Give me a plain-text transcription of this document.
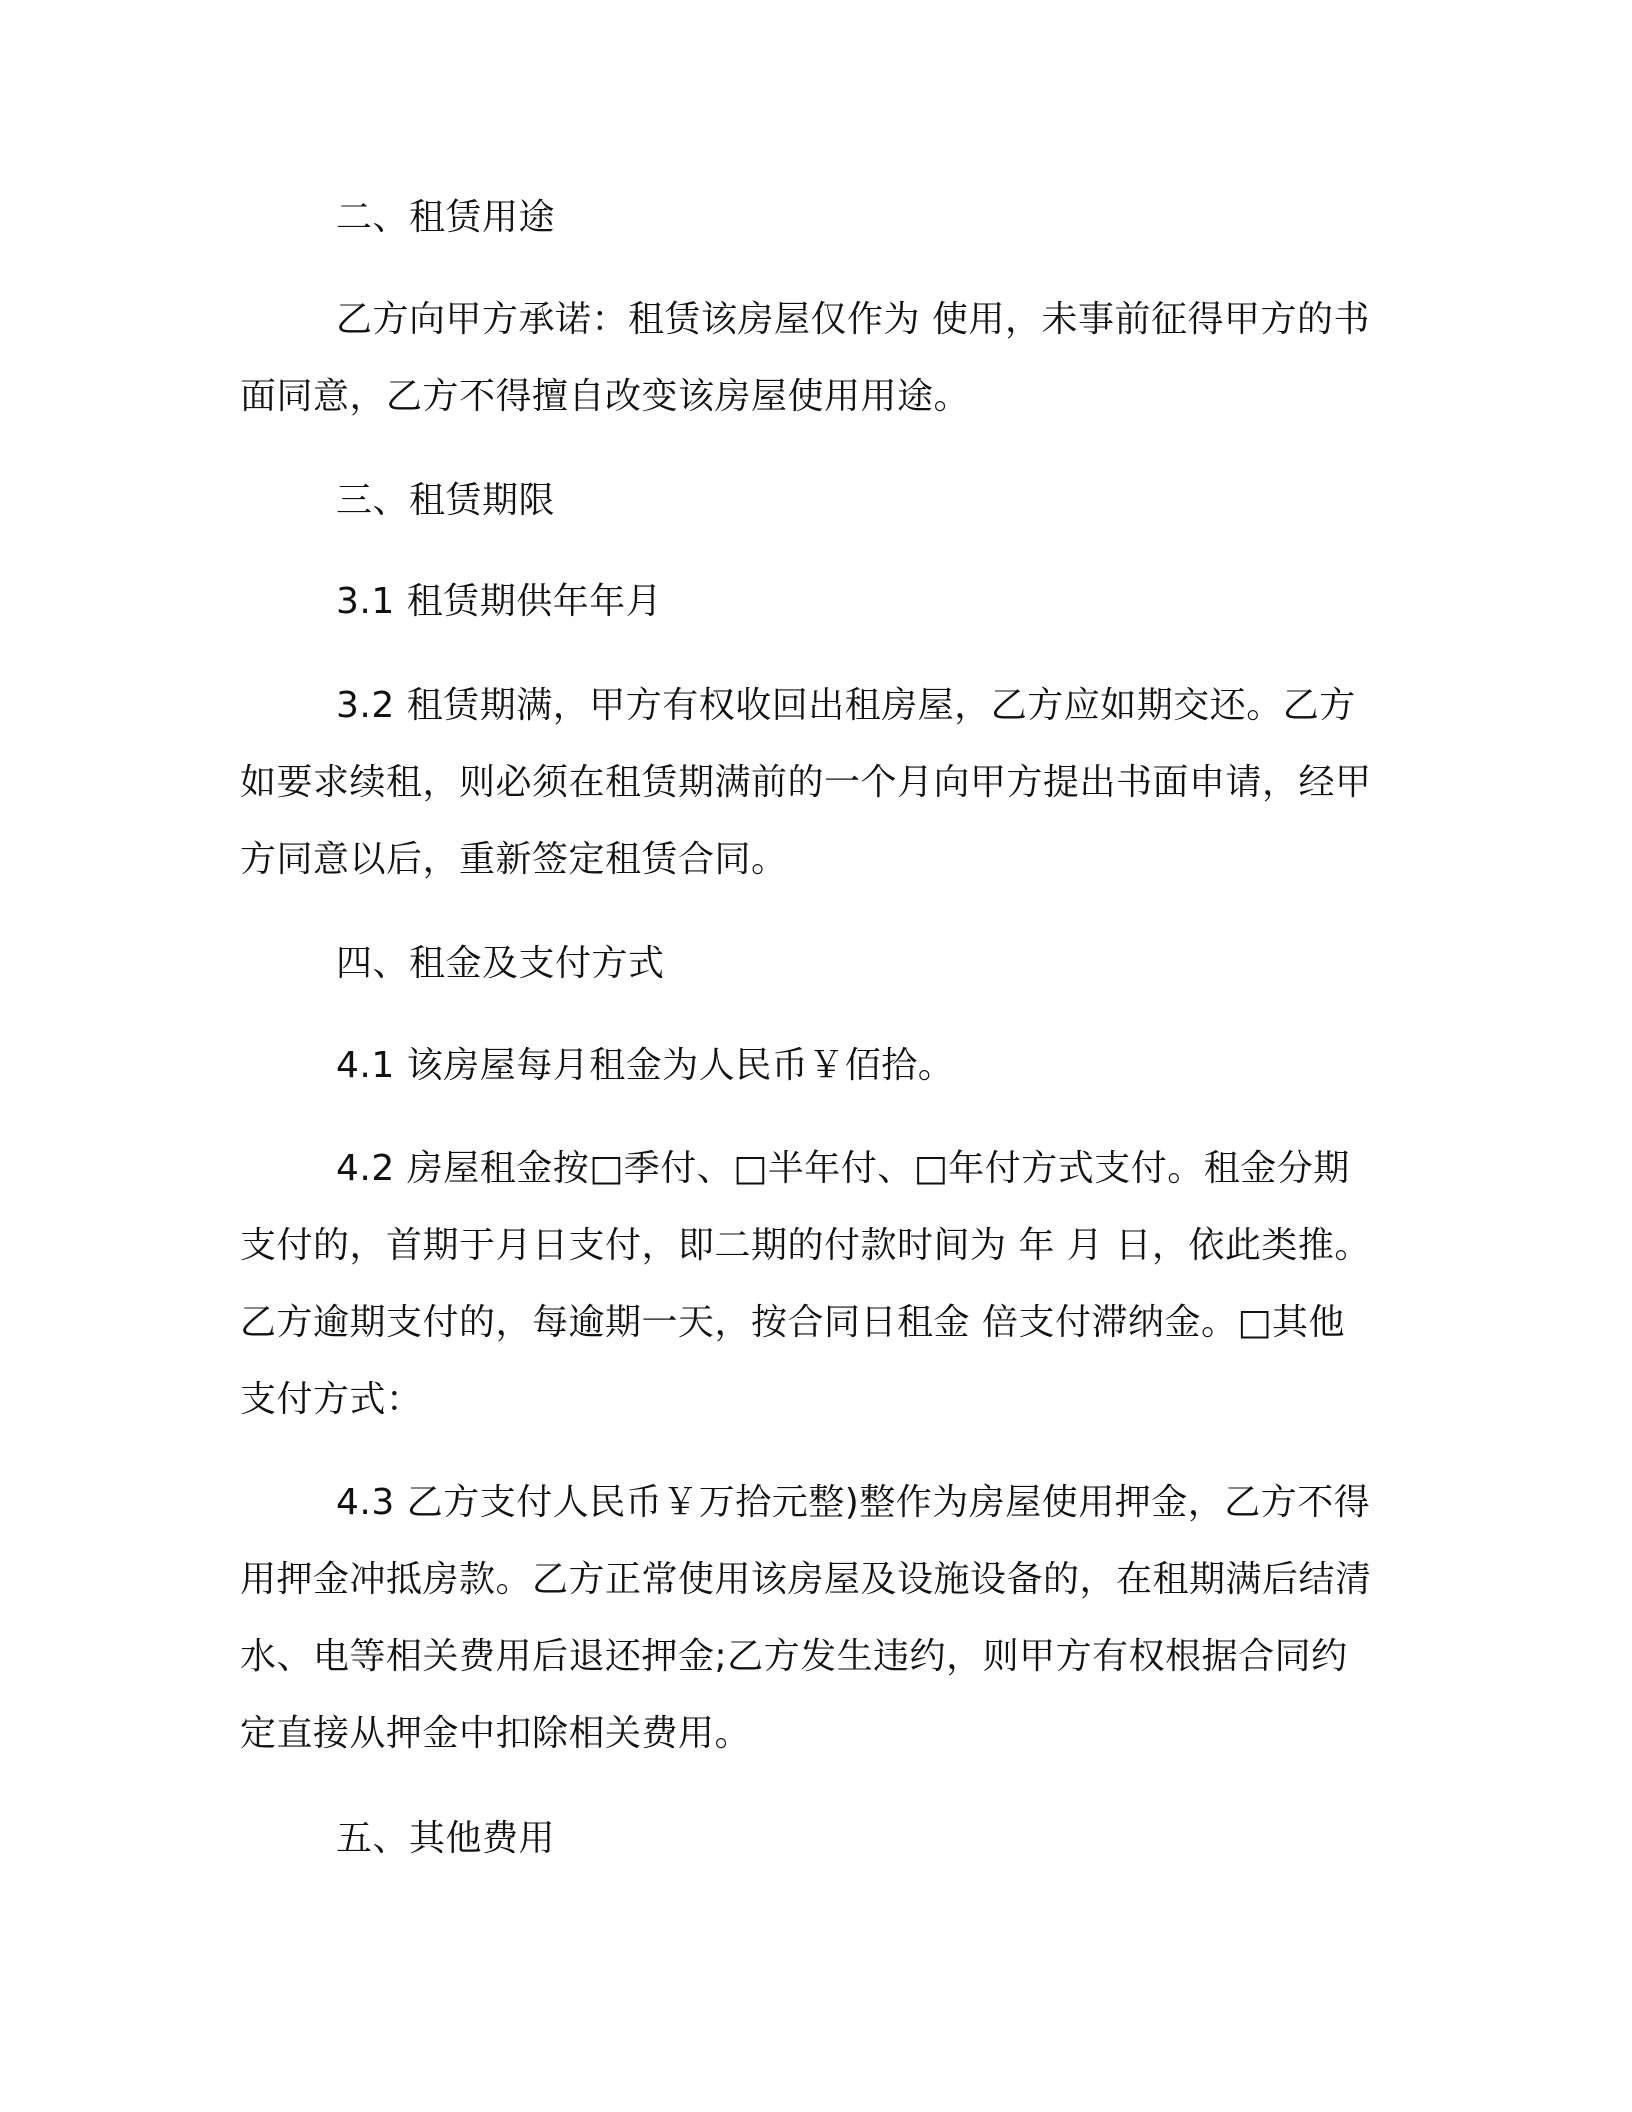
二、租赁用途
乙方向甲方承诺：租赁该房屋仅作为 使用，未事前征得甲方的书面同意，乙方不得擅自改变该房屋使用用途。
三、租赁期限
3.1 租赁期供年年月
3.2 租赁期满，甲方有权收回出租房屋，乙方应如期交还。乙方如要求续租，则必须在租赁期满前的一个月向甲方提出书面申请，经甲方同意以后，重新签定租赁合同。
四、租金及支付方式
4.1 该房屋每月租金为人民币￥佰拾。
4.2 房屋租金按□季付、□半年付、□年付方式支付。租金分期支付的，首期于月日支付，即二期的付款时间为 年 月 日，依此类推。乙方逾期支付的，每逾期一天，按合同日租金 倍支付滞纳金。□其他支付方式：
4.3 乙方支付人民币￥万拾元整)整作为房屋使用押金，乙方不得用押金冲抵房款。乙方正常使用该房屋及设施设备的，在租期满后结清水、电等相关费用后退还押金;乙方发生违约，则甲方有权根据合同约定直接从押金中扣除相关费用。
五、其他费用
